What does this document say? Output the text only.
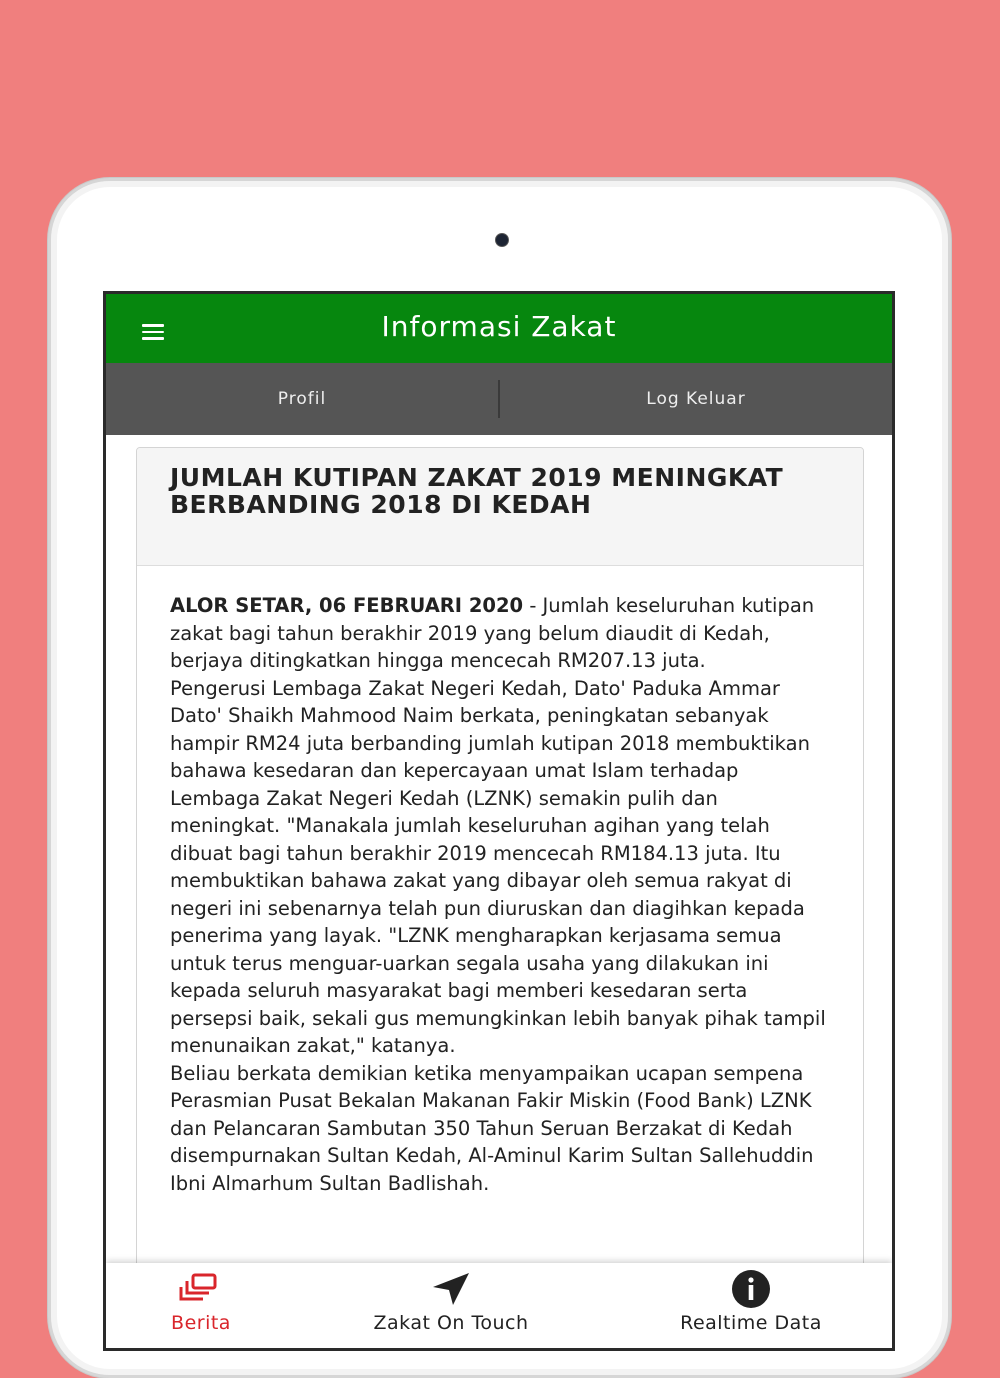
Informasi Zakat
Profil	Log Keluar
JUMLAH KUTIPAN ZAKAT 2019 MENINGKAT BERBANDING 2018 DI KEDAH

ALOR SETAR, 06 FEBRUARI 2020 - Jumlah keseluruhan kutipan zakat bagi tahun berakhir 2019 yang belum diaudit di Kedah, berjaya ditingkatkan hingga mencecah RM207.13 juta.

Pengerusi Lembaga Zakat Negeri Kedah, Dato' Paduka Ammar Dato' Shaikh Mahmood Naim berkata, peningkatan sebanyak hampir RM24 juta berbanding jumlah kutipan 2018 membuktikan bahawa kesedaran dan kepercayaan umat Islam terhadap Lembaga Zakat Negeri Kedah (LZNK) semakin pulih dan meningkat. "Manakala jumlah keseluruhan agihan yang telah dibuat bagi tahun berakhir 2019 mencecah RM184.13 juta. Itu membuktikan bahawa zakat yang dibayar oleh semua rakyat di negeri ini sebenarnya telah pun diuruskan dan diagihkan kepada penerima yang layak. "LZNK mengharapkan kerjasama semua untuk terus menguar-uarkan segala usaha yang dilakukan ini kepada seluruh masyarakat bagi memberi kesedaran serta persepsi baik, sekali gus memungkinkan lebih banyak pihak tampil menunaikan zakat," katanya.

Beliau berkata demikian ketika menyampaikan ucapan sempena Perasmian Pusat Bekalan Makanan Fakir Miskin (Food Bank) LZNK dan Pelancaran Sambutan 350 Tahun Seruan Berzakat di Kedah disempurnakan Sultan Kedah, Al-Aminul Karim Sultan Sallehuddin Ibni Almarhum Sultan Badlishah.

Berita	Zakat On Touch	Realtime Data
